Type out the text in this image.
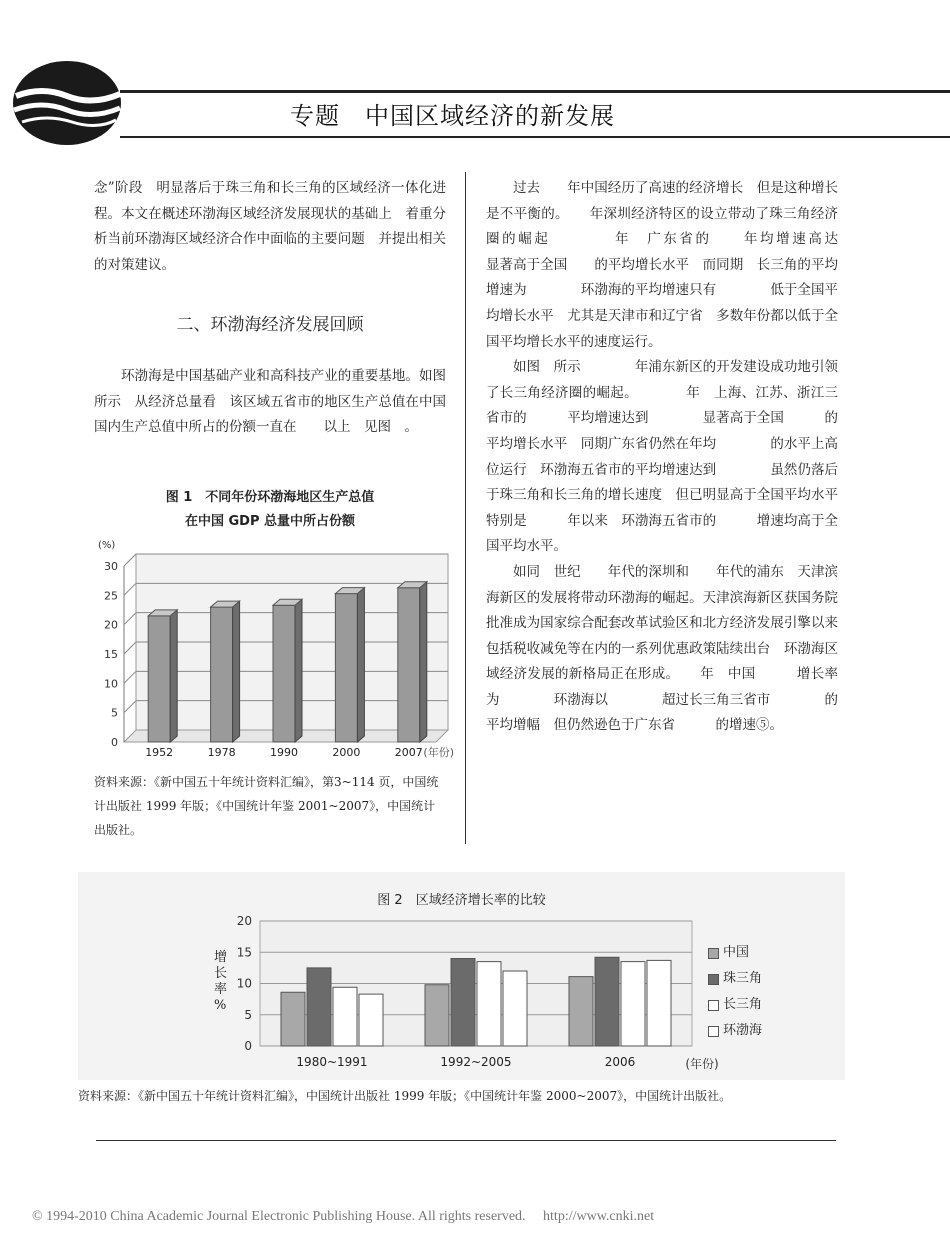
专题　中国区域经济的新发展

念”阶段　明显落后于珠三角和长三角的区域经济一体化进程。本文在概述环渤海区域经济发展现状的基础上　着重分析当前环渤海区域经济合作中面临的主要问题　并提出相关的对策建议。

二、环渤海经济发展回顾

环渤海是中国基础产业和高科技产业的重要基地。如图　所示　从经济总量看　该区域五省市的地区生产总值在中国国内生产总值中所占的份额一直在　　以上　见图　。

图 1　不同年份环渤海地区生产总值
在中国 GDP 总量中所占份额
0
5
10
15
20
25
30
(%)
1952	1978	1990	2000	2007 (年份)
资料来源：《新中国五十年统计资料汇编》，第3~114 页，中国统计出版社 1999 年版；《中国统计年鉴 2001~2007》，中国统计出版社。

过去　　年中国经历了高速的经济增长　但是这种增长是不平衡的。　　年深圳经济特区的设立带动了珠三角经济圈的崛起　　　　年　广东省的　　年均增速高达　　　　显著高于全国　　的平均增长水平　而同期　长三角的平均增速为　　　　环渤海的平均增速只有　　　　低于全国平均增长水平　尤其是天津市和辽宁省　多数年份都以低于全国平均增长水平的速度运行。

如图　所示　　　　年浦东新区的开发建设成功地引领了长三角经济圈的崛起。　　　　年　上海、江苏、浙江三省市的　　　平均增速达到　　　　显著高于全国　　　的平均增长水平　同期广东省仍然在年均　　　　的水平上高位运行　环渤海五省市的平均增速达到　　　　虽然仍落后于珠三角和长三角的增长速度　但已明显高于全国平均水平　特别是　　　年以来　环渤海五省市的　　　增速均高于全国平均水平。

如同　世纪　　年代的深圳和　　年代的浦东　天津滨海新区的发展将带动环渤海的崛起。天津滨海新区获国务院批准成为国家综合配套改革试验区和北方经济发展引擎以来　包括税收减免等在内的一系列优惠政策陆续出台　环渤海区域经济发展的新格局正在形成。　　年　中国　　　增长率为　　　　环渤海以　　　　超过长三角三省市　　　　的平均增幅　但仍然逊色于广东省　　　的增速⑤。

图 2　区域经济增长率的比较
增长率 %
0
5
10
15
20
1980~1991	1992~2005	2006	(年份)
中国
珠三角
长三角
环渤海
资料来源：《新中国五十年统计资料汇编》，中国统计出版社 1999 年版；《中国统计年鉴 2000~2007》，中国统计出版社。
© 1994-2010 China Academic Journal Electronic Publishing House. All rights reserved.　 http://www.cnki.net
